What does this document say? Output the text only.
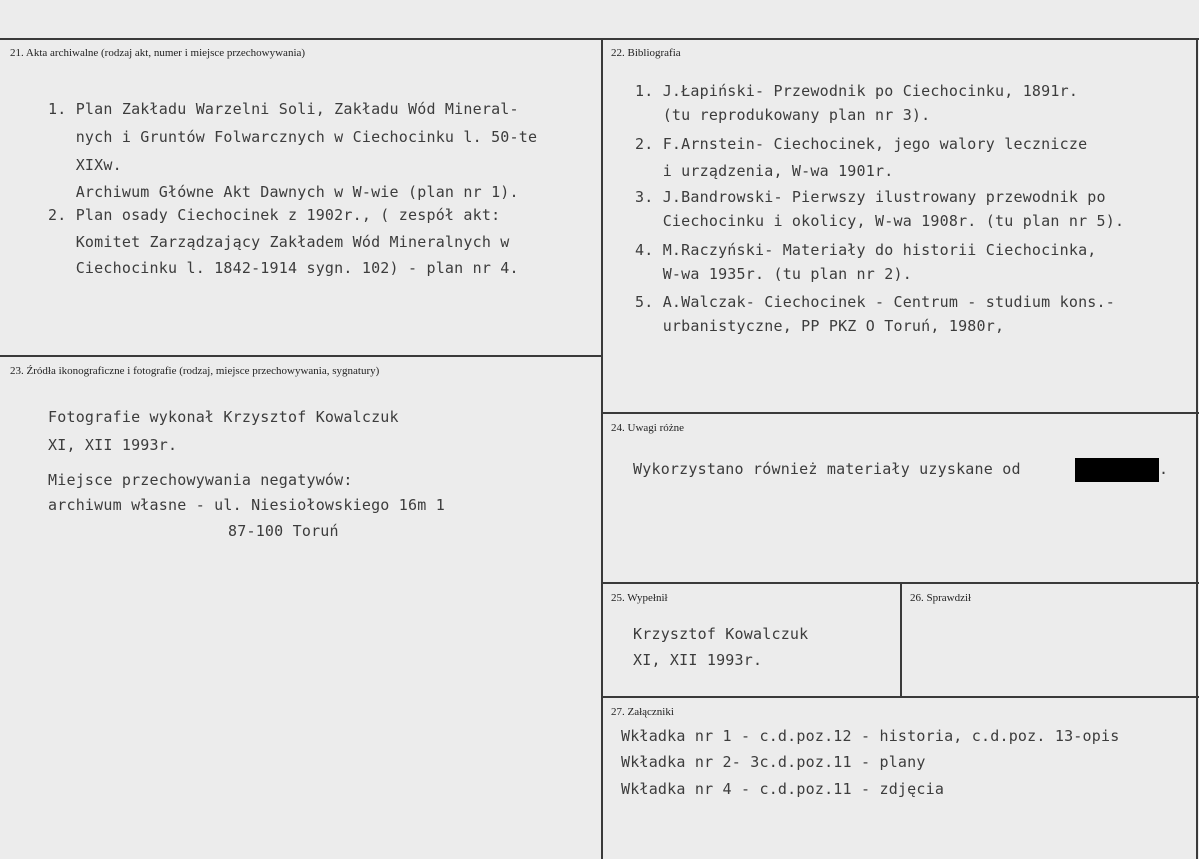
21. Akta archiwalne (rodzaj akt, numer i miejsce przechowywania)
1. Plan Zakładu Warzelni Soli, Zakładu Wód Mineral-
nych i Gruntów Folwarcznych w Ciechocinku l. 50-te
XIXw.
Archiwum Główne Akt Dawnych w W-wie (plan nr 1).
2. Plan osady Ciechocinek z 1902r., ( zespół akt:
Komitet Zarządzający Zakładem Wód Mineralnych w
Ciechocinku l. 1842-1914 sygn. 102) - plan nr 4.
22. Bibliografia
1. J.Łapiński- Przewodnik po Ciechocinku, 1891r.
(tu reprodukowany plan nr 3).
2. F.Arnstein- Ciechocinek, jego walory lecznicze
i urządzenia, W-wa 1901r.
3. J.Bandrowski- Pierwszy ilustrowany przewodnik po
Ciechocinku i okolicy, W-wa 1908r. (tu plan nr 5).
4. M.Raczyński- Materiały do historii Ciechocinka,
W-wa 1935r. (tu plan nr 2).
5. A.Walczak- Ciechocinek - Centrum - studium kons.-
urbanistyczne, PP PKZ O Toruń, 1980r,
23. Źródła ikonograficzne i fotografie (rodzaj, miejsce przechowywania, sygnatury)
Fotografie wykonał Krzysztof Kowalczuk
XI, XII 1993r.
Miejsce przechowywania negatywów:
archiwum własne - ul. Niesiołowskiego 16m 1
87-100 Toruń
24. Uwagi różne
Wykorzystano również materiały uzyskane od	.
25. Wypełnił
Krzysztof Kowalczuk
XI, XII 1993r.
26. Sprawdził
27. Załączniki
Wkładka nr 1 - c.d.poz.12 - historia, c.d.poz. 13-opis
Wkładka nr 2- 3c.d.poz.11 - plany
Wkładka nr 4 - c.d.poz.11 - zdjęcia
